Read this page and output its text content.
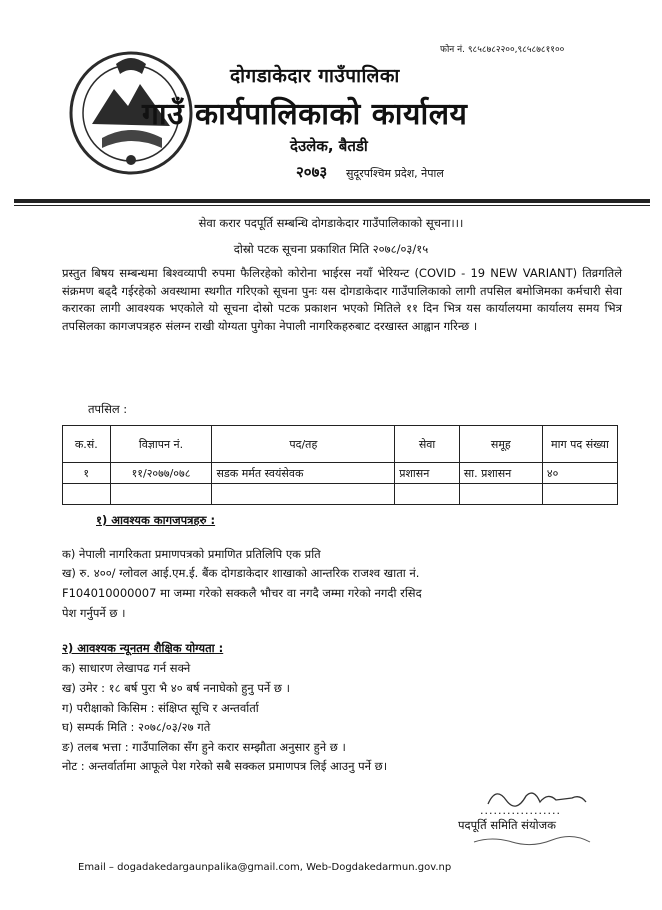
फोन नं. ९८५८७८२२००,९८५८७८११००
दोगडाकेदार गाउँपालिका
गाउँ कार्यपालिकाको कार्यालय
देउलेक, बैतडी
२०७३ सुदूरपश्चिम प्रदेश, नेपाल
सेवा करार पदपूर्ति सम्बन्धि दोगडाकेदार गाउँपालिकाको सूचना।।।
दोस्रो पटक सूचना प्रकाशित मिति २०७८/०३/१५
प्रस्तुत बिषय सम्बन्धमा बिश्वव्यापी रुपमा फैलिरहेको कोरोना भाईरस नयाँ भेरियन्ट (COVID - 19 NEW VARIANT) तिव्रगतिले संक्रमण बढ्दै गईरहेको अवस्थामा स्थगीत गरिएको सूचना पुनः यस दोगडाकेदार गाउँपालिकाको लागी तपसिल बमोजिमका कर्मचारी सेवा करारका लागी आवश्यक भएकोले यो सूचना दोस्रो पटक प्रकाशन भएको मितिले ११ दिन भित्र यस कार्यालयमा कार्यालय समय भित्र तपसिलका कागजपत्रहरु संलग्न राखी योग्यता पुगेका नेपाली नागरिकहरुबाट दरखास्त आह्वान गरिन्छ ।
तपसिल :
क.सं.	विज्ञापन नं.	पद/तह	सेवा	समूह	माग पद संख्या
१	११/२०७७/०७८	सडक मर्मत स्वयंसेवक	प्रशासन	सा. प्रशासन	४०

१) आवश्यक कागजपत्रहरु :
क) नेपाली नागरिकता प्रमाणपत्रको प्रमाणित प्रतिलिपि एक प्रति
ख) रु. ४००/ ग्लोवल आई.एम.ई. बैंक दोगडाकेदार शाखाको आन्तरिक राजश्व खाता नं.
F104010000007 मा जम्मा गरेको सक्कलै भौचर वा नगदै जम्मा गरेको नगदी रसिद
पेश गर्नुपर्ने छ ।
२) आवश्यक न्यूनतम शैक्षिक योग्यता :
क) साधारण लेखापढ गर्न सक्ने
ख) उमेर : १८ बर्ष पुरा भै ४० बर्ष ननाघेको हुनु पर्ने छ ।
ग) परीक्षाको किसिम : संक्षिप्त सूचि र अन्तर्वार्ता
घ) सम्पर्क मिति : २०७८/०३/२७ गते
ङ) तलब भत्ता : गाउँपालिका सँग हुने करार सम्झौता अनुसार हुने छ ।
नोट : अन्तर्वार्तामा आफूले पेश गरेको सबै सक्कल प्रमाणपत्र लिई आउनु पर्ने छ।
..................
पदपूर्ति समिति संयोजक
Email – dogadakedargaunpalika@gmail.com, Web-Dogdakedarmun.gov.np
